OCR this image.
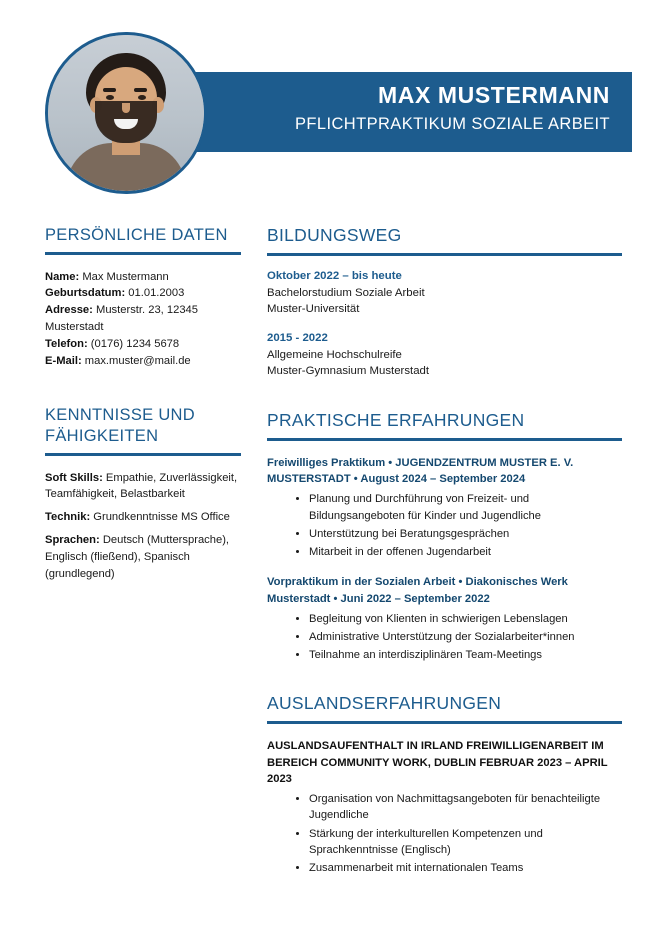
MAX MUSTERMANN
PFLICHTPRAKTIKUM SOZIALE ARBEIT
PERSÖNLICHE DATEN

Name: Max Mustermann

Geburtsdatum: 01.01.2003

Adresse: Musterstr. 23, 12345 Musterstadt

Telefon: (0176) 1234 5678

E-Mail: max.muster@mail.de

KENNTNISSE UND FÄHIGKEITEN

Soft Skills: Empathie, Zuverlässigkeit, Teamfähigkeit, Belastbarkeit

Technik: Grundkenntnisse MS Office

Sprachen: Deutsch (Muttersprache), Englisch (fließend), Spanisch (grundlegend)

BILDUNGSWEG
Oktober 2022 – bis heute
Bachelorstudium Soziale Arbeit
Muster-Universität
2015 - 2022
Allgemeine Hochschulreife
Muster-Gymnasium Musterstadt
PRAKTISCHE ERFAHRUNGEN
Freiwilliges Praktikum • JUGENDZENTRUM MUSTER E. V. MUSTERSTADT • August 2024 – September 2024
• Planung und Durchführung von Freizeit- und Bildungsangeboten für Kinder und Jugendliche
• Unterstützung bei Beratungsgesprächen
• Mitarbeit in der offenen Jugendarbeit
Vorpraktikum in der Sozialen Arbeit • Diakonisches Werk Musterstadt • Juni 2022 – September 2022
• Begleitung von Klienten in schwierigen Lebenslagen
• Administrative Unterstützung der Sozialarbeiter*innen
• Teilnahme an interdisziplinären Team-Meetings
AUSLANDSERFAHRUNGEN
AUSLANDSAUFENTHALT IN IRLAND FREIWILLIGENARBEIT IM BEREICH COMMUNITY WORK, DUBLIN FEBRUAR 2023 – APRIL 2023
• Organisation von Nachmittagsangeboten für benachteiligte Jugendliche
• Stärkung der interkulturellen Kompetenzen und Sprachkenntnisse (Englisch)
• Zusammenarbeit mit internationalen Teams
